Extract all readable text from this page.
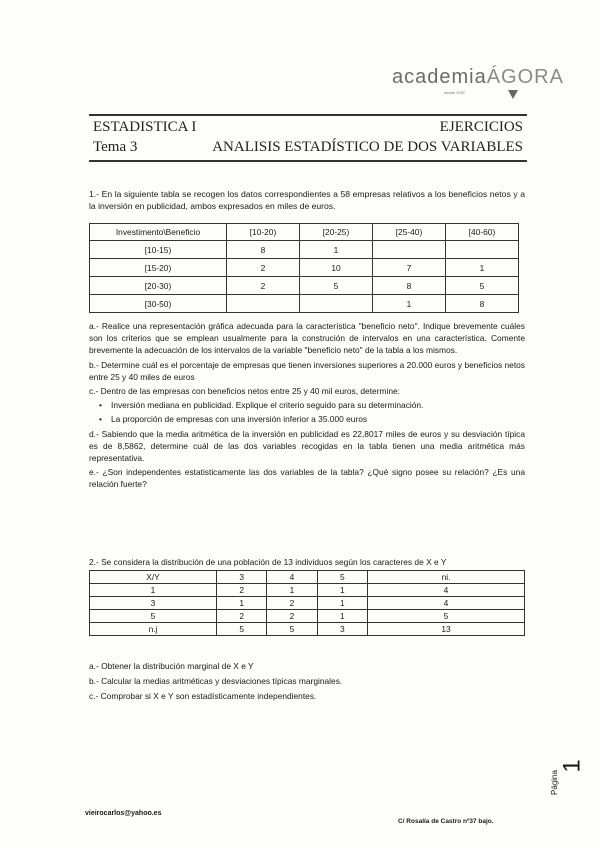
academiaÁGORA
desde 1992
ESTADISTICA I
Tema 3
EJERCICIOS
ANALISIS ESTADÍSTICO DE DOS VARIABLES

1.- En la siguiente tabla se recogen los datos correspondientes a 58 empresas relativos a los beneficios netos y a la inversión en publicidad, ambos expresados en miles de euros.

Investimento\Beneficio	[10-20)	[20-25)	[25-40)	[40-60)
[10-15)	8	1		
[15-20)	2	10	7	1
[20-30)	2	5	8	5
[30-50)			1	8

a.- Realice una representación gráfica adecuada para la característica "beneficio neto". Indique brevemente cuáles son los criterios que se emplean usualmente para la construción de intervalos en una característica. Comente brevemente la adecuación de los intervalos de la variable "beneficio neto" de la tabla a los mismos.

b.- Determine cuál es el porcentaje de empresas que tienen inversiones superiores a 20.000 euros y beneficios netos entre 25 y 40 miles de euros

c.- Dentro de las empresas con beneficios netos entre 25 y 40 mil euros, determine:

• Inversión mediana en publicidad. Explique el criterio seguido para su determinación.

• La proporción de empresas con una inversión inferior a 35.000 euros

d.- Sabiendo que la media aritmética de la inversión en publicidad es 22,8017 miles de euros y su desviación típica es de 8,5862, determine cuál de las dos variables recogidas en la tabla tienen una media aritmética más representativa.

e.- ¿Son independentes estatisticamente las dos variables de la tabla? ¿Qué signo posee su relación? ¿Es una relación fuerte?

2.- Se considera la distribución de una población de 13 individuos según los caracteres de X e Y

X/Y	3	4	5	ni.
1	2	1	1	4
3	1	2	1	4
5	2	2	1	5
n.j	5	5	3	13

a.- Obtener la distribución marginal de X e Y

b.- Calcular la medias aritméticas y desviaciones típicas marginales.

c.- Comprobar si X e Y son estadísticamente independientes.

vieirocarlos@yahoo.es
C/ Rosalía de Castro nº37 bajo.
Página
1
